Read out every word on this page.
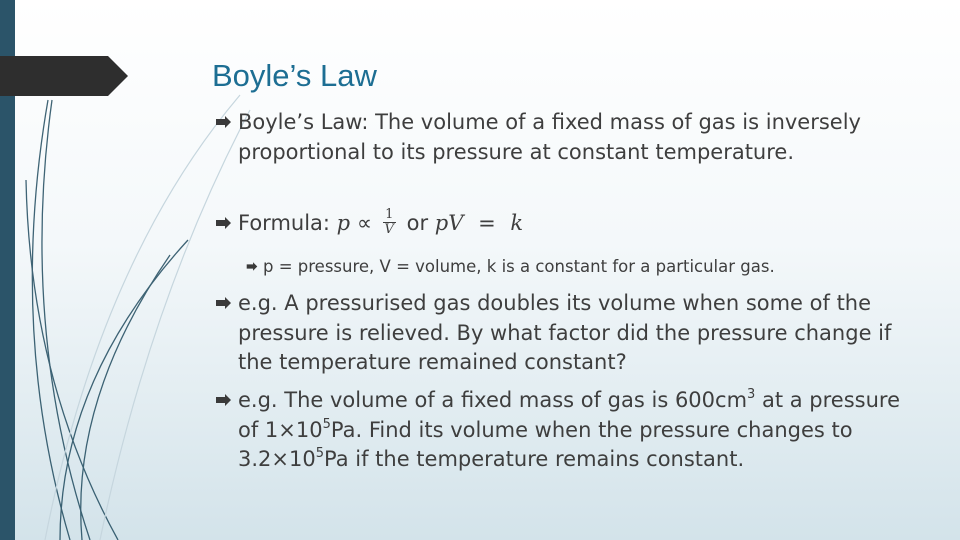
Boyle’s Law
Boyle’s Law: The volume of a fixed mass of gas is inversely proportional to its pressure at constant temperature.
Formula: $p \propto \frac{1}{V}$ or pV = k
p = pressure, V = volume, k is a constant for a particular gas.
e.g. A pressurised gas doubles its volume when some of the pressure is relieved. By what factor did the pressure change if the temperature remained constant?
e.g. The volume of a fixed mass of gas is $600cm^3$ at a pressure of $1\times 10^5Pa$. Find its volume when the pressure changes to $3.2\times 10^5Pa$ if the temperature remains constant.
